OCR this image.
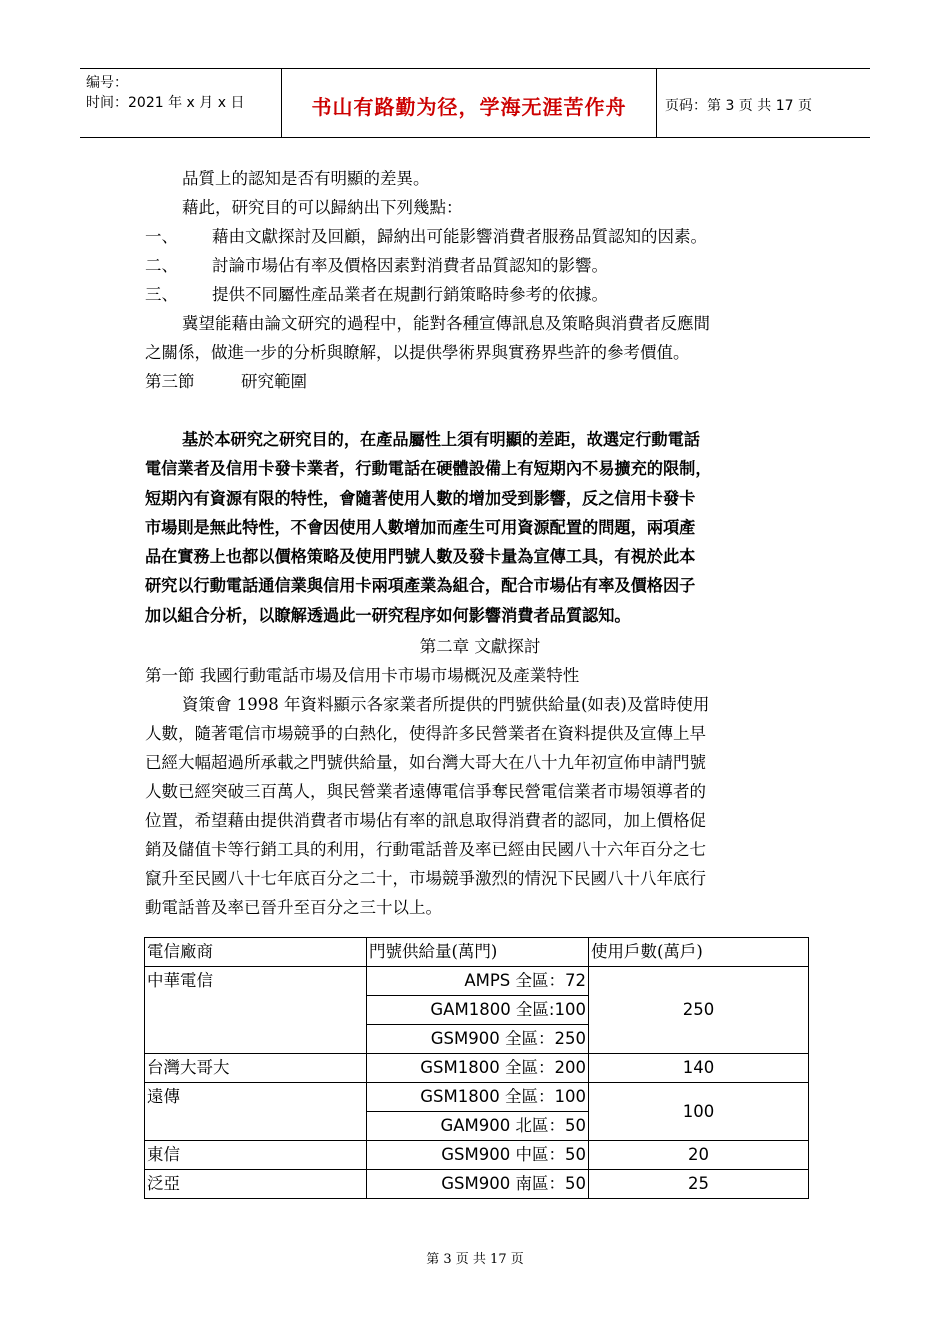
编号：
时间：2021 年 x 月 x 日	书山有路勤为径，学海无涯苦作舟	页码：第 3 页 共 17 页
品質上的認知是否有明顯的差異。
藉此，研究目的可以歸納出下列幾點：
一、	藉由文獻探討及回顧，歸納出可能影響消費者服務品質認知的因素。
二、	討論市場佔有率及價格因素對消費者品質認知的影響。
三、	提供不同屬性產品業者在規劃行銷策略時參考的依據。
冀望能藉由論文研究的過程中，能對各種宣傳訊息及策略與消費者反應間
之關係，做進一步的分析與瞭解，以提供學術界與實務界些許的參考價值。
第三節	研究範圍
基於本研究之研究目的，在產品屬性上須有明顯的差距，故選定行動電話
電信業者及信用卡發卡業者，行動電話在硬體設備上有短期內不易擴充的限制，
短期內有資源有限的特性，會隨著使用人數的增加受到影響，反之信用卡發卡
市場則是無此特性，不會因使用人數增加而產生可用資源配置的問題，兩項產
品在實務上也都以價格策略及使用門號人數及發卡量為宣傳工具，有視於此本
研究以行動電話通信業與信用卡兩項產業為組合，配合市場佔有率及價格因子
加以組合分析，以瞭解透過此一研究程序如何影響消費者品質認知。
第二章 文獻探討
第一節 我國行動電話市場及信用卡市場市場概況及產業特性
資策會 1998 年資料顯示各家業者所提供的門號供給量(如表)及當時使用
人數，隨著電信市場競爭的白熱化，使得許多民營業者在資料提供及宣傳上早
已經大幅超過所承載之門號供給量，如台灣大哥大在八十九年初宣佈申請門號
人數已經突破三百萬人，與民營業者遠傳電信爭奪民營電信業者市場領導者的
位置，希望藉由提供消費者市場佔有率的訊息取得消費者的認同，加上價格促
銷及儲值卡等行銷工具的利用，行動電話普及率已經由民國八十六年百分之七
竄升至民國八十七年底百分之二十，市場競爭激烈的情況下民國八十八年底行
動電話普及率已晉升至百分之三十以上。
電信廠商	門號供給量(萬門)	使用戶數(萬戶)
中華電信	AMPS 全區：72	250
	GAM1800 全區:100	
	GSM900 全區：250	
台灣大哥大	GSM1800 全區：200	140
遠傳	GSM1800 全區：100	100
	GAM900 北區：50	
東信	GSM900 中區：50	20
泛亞	GSM900 南區：50	25
第 3 页 共 17 页
